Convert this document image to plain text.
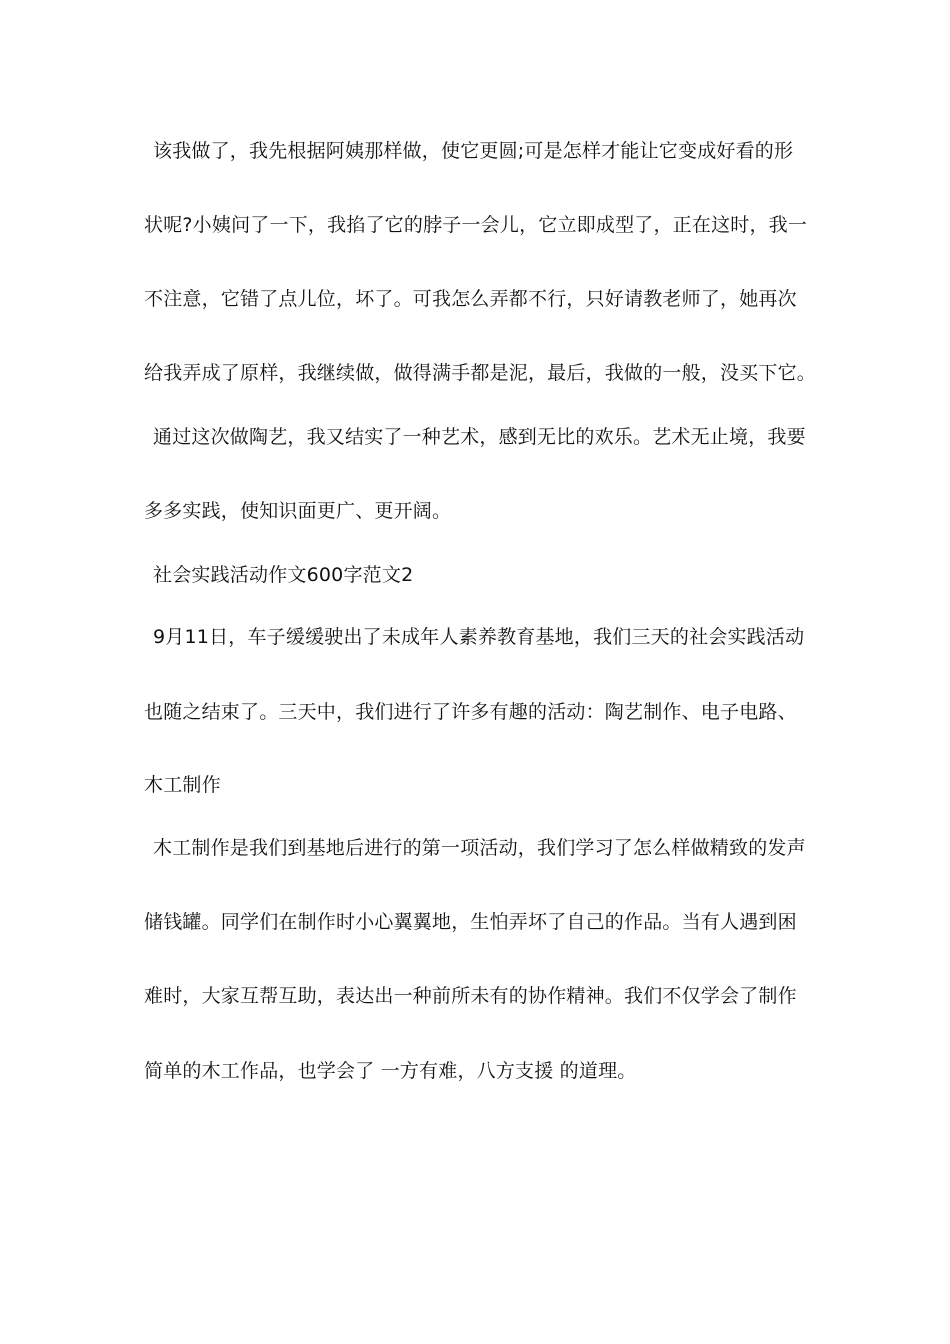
该我做了，我先根据阿姨那样做，使它更圆;可是怎样才能让它变成好看的形
状呢?小姨问了一下，我掐了它的脖子一会儿，它立即成型了，正在这时，我一
不注意，它错了点儿位，坏了。可我怎么弄都不行，只好请教老师了，她再次
给我弄成了原样，我继续做，做得满手都是泥，最后，我做的一般，没买下它。
通过这次做陶艺，我又结实了一种艺术，感到无比的欢乐。艺术无止境，我要
多多实践，使知识面更广、更开阔。
社会实践活动作文600字范文2
9月11日，车子缓缓驶出了未成年人素养教育基地，我们三天的社会实践活动
也随之结束了。三天中，我们进行了许多有趣的活动：陶艺制作、电子电路、
木工制作
木工制作是我们到基地后进行的第一项活动，我们学习了怎么样做精致的发声
储钱罐。同学们在制作时小心翼翼地，生怕弄坏了自己的作品。当有人遇到困
难时，大家互帮互助，表达出一种前所未有的协作精神。我们不仅学会了制作
简单的木工作品，也学会了 一方有难，八方支援 的道理。
